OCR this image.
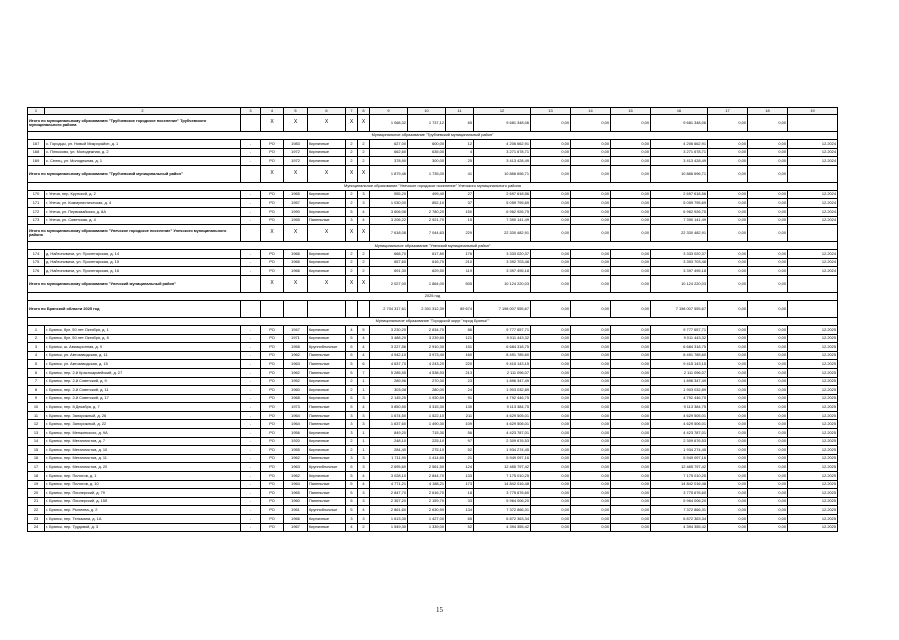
1	2	3	4	5	6	7	8	9	10	11	12	13	14	15	16	17	18	19
Итого по муниципальному образованию "Трубчевское городское поселение" Трубчевского муниципального района			X	X	X	X	X	1 068,32	1 737,12	65	9 681 348,06	0,00	0,00	0,00	9 681 348,06	0,00	0,00	
Муниципальное образование "Трубчевский муниципальный район"																		
167	с. Городцы, ул. Новый Микрорайон, д. 1	-	РО	1983	Кирпичные	2	2	627,00	600,00	12	4 206 662,91	0,00	0,00	0,00	4 206 662,91	0,00	0,00	12.2024
168	с. Плюсково, ул. Молодежная, д. 2	-	РО	1972	Кирпичные	2	2	662,60	635,00	4	3 271 678,71	0,00	0,00	0,00	3 271 678,71	0,00	0,00	12.2024
169	с. Селец, ул. Молодежная, д. 1	-	РО	1972	Кирпичные	2	2	378,90	300,00	25	3 413 428,49	0,00	0,00	0,00	3 413 428,49	0,00	0,00	12.2024
Итого по муниципальному образованию "Трубчевский муниципальный район"			X	X	X	X	X	1 879,46	1 735,00	41	10 886 696,71	0,00	0,00	0,00	10 886 696,71	0,00	0,00	
Муниципальное образование "Унечское городское поселение" Унечского муниципального района																		
170	г. Унеча, пер. Крупской, д. 2	-	РО	1965	Кирпичные	2	3	555,20	499,40	27	2 697 618,56	0,00	0,00	0,00	2 697 618,56	0,00	0,00	12.2024
171	г. Унеча, ул. Коммунистическая, д. 4	-	РО	1957	Кирпичные	2	3	1 030,00	852,10	37	5 059 795,69	0,00	0,00	0,00	5 059 795,69	0,00	0,00	12.2024
172	г. Унеча, ул. Первомайская, д. 8А	-	РО	1990	Кирпичные	5	4	3 606,06	2 780,20	150	6 962 926,75	0,00	0,00	0,00	6 962 926,75	0,00	0,00	12.2024
173	г. Унеча, ул. Советская, д. 4	-	РО	1955	Панельные	3	4	3 206,22	2 921,70	15	7 390 141,49	0,00	0,00	0,00	7 390 141,49	0,00	0,00	12.2024
Итого по муниципальному образованию "Унечское городское поселение" Унечского муниципального района			X	X	X	X	X	7 618,08	7 044,63	229	22 330 482,91	0,00	0,00	0,00	22 330 482,91	0,00	0,00	
Муниципальное образование "Унечский муниципальный район"																		
174	д. Найтоповичи, ул. Пролетарская, д. 14	-	РО	1966	Кирпичные	2	2	668,70	617,80	176	3 333 020,37	0,00	0,00	0,00	3 333 020,37	0,00	0,00	12.2024
175	д. Найтоповичи, ул. Пролетарская, д. 15	-	РО	1966	Кирпичные	2	2	657,60	616,70	210	3 392 703,48	0,00	0,00	0,00	3 393 703,48	0,00	0,00	12.2024
176	д. Найтоповичи, ул. Пролетарская, д. 16	-	РО	1966	Кирпичные	2	2	691,30	629,50	119	3 397 495,18	0,00	0,00	0,00	3 397 495,18	0,00	0,00	12.2024
Итого по муниципальному образованию "Унечский муниципальный район"			X	X	X	X	X	2 027,00	1 864,00	505	10 124 220,03	0,00	0,00	0,00	10 124 220,03	0,00	0,00	
2025 год																		
Итого по Брянской области 2025 год								2 704 317,61	2 301 312,39	89 674	7 198 007 555,67	0,00	0,00	0,00	7 198 007 555,67	0,00	0,00	
Муниципальное образование "Городской округ "город Брянск""																		
1	г. Брянск, бул. 50 лет Октября, д. 1	-	РО	1947	Кирпичные	4	5	3 230,20	2 634,70	86	9 777 657,71	0,00	0,00	0,00	9 777 657,71	0,00	0,00	12.2025
2	г. Брянск, бул. 50 лет Октября, д. 8	-	РО	1971	Кирпичные	5	4	3 488,20	3 239,60	121	9 011 443,32	0,00	0,00	0,00	9 011 443,32	0,00	0,00	12.2025
3	г. Брянск, ш. Авиационная, д. 9	-	РО	1958	Крупноблочные	5	4	3 227,56	2 910,30	151	6 684 318,75	0,00	0,00	0,00	6 684 318,75	0,00	0,00	12.2025
4	г. Брянск, ул. Автозаводская, д. 11	-	РО	1962	Панельные	5	4	4 942,10	3 973,40	160	8 491 785,60	0,00	0,00	0,00	8 491 785,60	0,00	0,00	12.2025
5	г. Брянск, ул. Автозаводская, д. 15	-	РО	1963	Панельные	5	6	4 637,70	4 243,20	220	9 415 143,15	0,00	0,00	0,00	9 415 143,15	0,00	0,00	12.2025
6	г. Брянск, пер. 2-й Красноармейский, д. 27	-	РО	1962	Панельные	5	7	5 285,55	4 538,93	213	2 111 096,07	0,00	0,00	0,00	2 111 096,07	0,00	0,00	12.2025
7	г. Брянск, пер. 2-й Советский, д. 9	-	РО	1952	Кирпичные	2	1	289,96	270,30	23	1 896 347,49	0,00	0,00	0,00	1 896 347,49	0,00	0,00	12.2025
8	г. Брянск, пер. 2-й Советский, д. 11	-	РО	1960	Кирпичные	2	1	303,08	280,00	24	1 903 032,89	0,00	0,00	0,00	1 903 032,89	0,00	0,00	12.2025
9	г. Брянск, пер. 2-й Советский, д. 17	-	РО	1968	Кирпичные	5	3	2 145,25	1 930,59	91	4 792 446,75	0,00	0,00	0,00	4 792 446,75	0,00	0,00	12.2025
10	г. Брянск, пер. 8 Декабря, д. 7	-	РО	1973	Панельные	5	4	3 850,50	3 315,30	130	9 113 384,75	0,00	0,00	0,00	9 113 384,75	0,00	0,00	12.2025
11	г. Брянск, пер. Запорожный, д. 26	-	РО	1964	Панельные	3	3	1 674,50	1 522,10	211	4 629 505,01	0,00	0,00	0,00	4 629 505,01	0,00	0,00	12.2025
12	г. Брянск, пер. Запорожный, д. 22	-	РО	1964	Панельные	3	3	1 637,60	1 490,30	109	4 629 506,01	0,00	0,00	0,00	4 629 506,01	0,00	0,00	12.2025
13	г. Брянск, пер. Менжинского, д. 9А	-	РО	1956	Кирпичные	3	1	849,20	715,30	56	4 423 787,01	0,00	0,00	0,00	4 423 787,01	0,00	0,00	12.2025
14	г. Брянск, пер. Металлистов, д. 7	-	РО	1920	Кирпичные	2	1	248,10	225,10	97	2 309 676,53	0,00	0,00	0,00	2 309 676,53	0,00	0,00	12.2025
15	г. Брянск, пер. Металлистов, д. 10	-	РО	1955	Кирпичные	2	1	284,40	275,10	52	1 934 274,45	0,00	0,00	0,00	1 934 274,45	0,00	0,00	12.2025
16	г. Брянск, пер. Металлистов, д. 11	-	РО	1962	Панельные	3	3	1 711,90	1 414,60	21	5 949 097,16	0,00	0,00	0,00	5 949 097,16	0,00	0,00	12.2025
17	г. Брянск, пер. Металлистов, д. 20	-	РО	1963	Крупноблочные	5	3	2 695,60	2 561,50	124	12 485 797,42	0,00	0,00	0,00	12 485 797,42	0,00	0,00	12.2025
18	г. Брянск, пер. Пилотов, д. 1	-	РО	1962	Кирпичные	5	4	3 028,10	2 844,70	133	7 175 010,25	0,00	0,00	0,00	7 175 010,25	0,00	0,00	12.2025
19	г. Брянск, пер. Пилотов, д. 10	-	РО	1964	Панельные	5	4	4 771,21	4 188,21	173	14 842 016,48	0,00	0,00	0,00	14 842 016,48	0,00	0,00	12.2025
20	г. Брянск, пер. Пионерский, д. 79	-	РО	1965	Панельные	5	3	2 847,70	2 616,70	18	3 775 676,60	0,00	0,00	0,00	3 775 676,60	0,00	0,00	12.2025
21	г. Брянск, пер. Пионерский, д. 15б	-	РО	1960	Панельные	5	3	2 357,20	2 159,70	33	5 964 006,20	0,00	0,00	0,00	5 964 006,20	0,00	0,00	12.2025
22	г. Брянск, пер. Рылеева, д. 2	-	РО	1961	Крупноблочные	5	4	2 861,60	2 630,90	134	7 372 866,31	0,00	0,00	0,00	7 372 866,31	0,00	0,00	12.2025
23	г. Брянск, пер. Тельмана, д. 1А	-	РО	1966	Кирпичные	3	3	1 613,30	1 427,00	65	6 872 363,34	0,00	0,00	0,00	6 872 363,34	0,00	0,00	12.2025
24	г. Брянск, пер. Трудовой, д. 3	-	РО	1967	Кирпичные	4	2	1 549,30	1 339,00	52	4 394 355,42	0,00	0,00	0,00	4 394 355,42	0,00	0,00	12.2025
15
